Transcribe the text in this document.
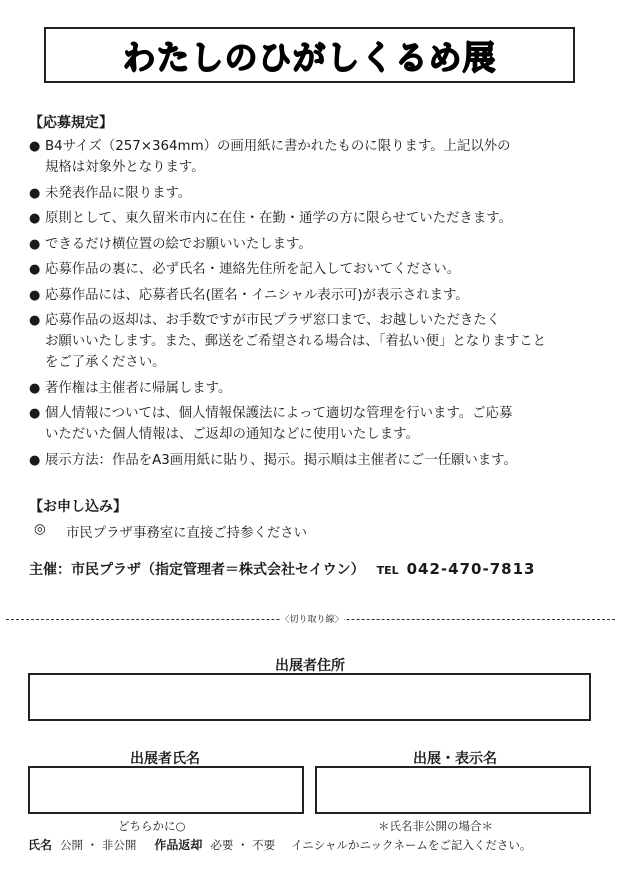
わたしのひがしくるめ展
【応募規定】
● B4サイズ（257×364mm）の画用紙に書かれたものに限ります。上記以外の
規格は対象外となります。
● 未発表作品に限ります。
● 原則として、東久留米市内に在住・在勤・通学の方に限らせていただきます。
● できるだけ横位置の絵でお願いいたします。
● 応募作品の裏に、必ず氏名・連絡先住所を記入しておいてください。
● 応募作品には、応募者氏名(匿名・イニシャル表示可)が表示されます。
● 応募作品の返却は、お手数ですが市民プラザ窓口まで、お越しいただきたく
お願いいたします。また、郵送をご希望される場合は、「着払い便」となりますこと
をご了承ください。
● 著作権は主催者に帰属します。
● 個人情報については、個人情報保護法によって適切な管理を行います。ご応募
いただいた個人情報は、ご返却の通知などに使用いたします。
● 展示方法：作品をA3画用紙に貼り、掲示。掲示順は主催者にご一任願います。
【お申し込み】
◎	市民プラザ事務室に直接ご持参ください
主催：市民プラザ（指定管理者＝株式会社セイウン） TEL 042-470-7813
〈切り取り線〉
出展者住所
出展者氏名	出展・表示名
どちらかに○	＊氏名非公開の場合＊
氏名 公開 ・ 非公開 作品返却 必要 ・ 不要 イニシャルかニックネームをご記入ください。
